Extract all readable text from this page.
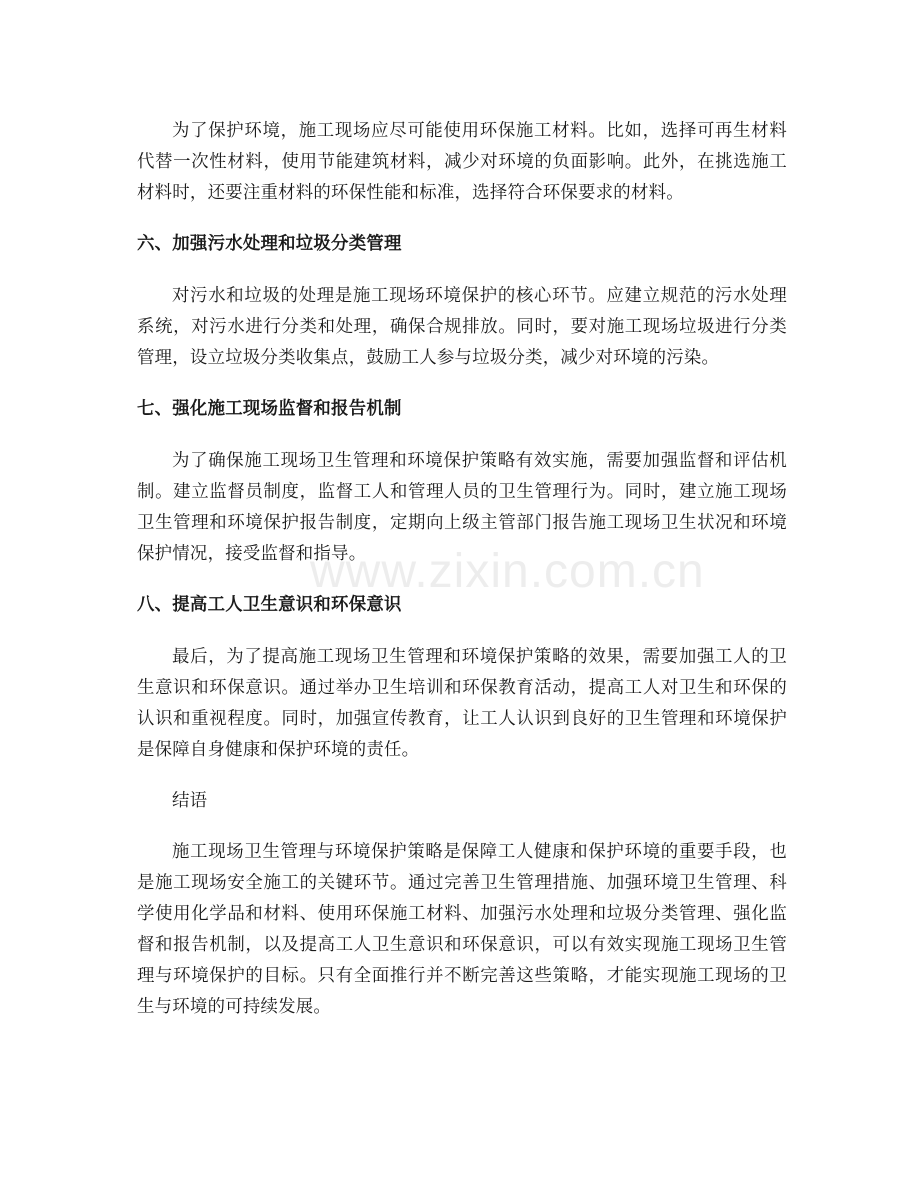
为了保护环境，施工现场应尽可能使用环保施工材料。比如，选择可再生材料代替一次性材料，使用节能建筑材料，减少对环境的负面影响。此外，在挑选施工材料时，还要注重材料的环保性能和标准，选择符合环保要求的材料。

六、加强污水处理和垃圾分类管理

对污水和垃圾的处理是施工现场环境保护的核心环节。应建立规范的污水处理系统，对污水进行分类和处理，确保合规排放。同时，要对施工现场垃圾进行分类管理，设立垃圾分类收集点，鼓励工人参与垃圾分类，减少对环境的污染。

七、强化施工现场监督和报告机制

为了确保施工现场卫生管理和环境保护策略有效实施，需要加强监督和评估机制。建立监督员制度，监督工人和管理人员的卫生管理行为。同时，建立施工现场卫生管理和环境保护报告制度，定期向上级主管部门报告施工现场卫生状况和环境保护情况，接受监督和指导。

八、提高工人卫生意识和环保意识

最后，为了提高施工现场卫生管理和环境保护策略的效果，需要加强工人的卫生意识和环保意识。通过举办卫生培训和环保教育活动，提高工人对卫生和环保的认识和重视程度。同时，加强宣传教育，让工人认识到良好的卫生管理和环境保护是保障自身健康和保护环境的责任。

结语

施工现场卫生管理与环境保护策略是保障工人健康和保护环境的重要手段，也是施工现场安全施工的关键环节。通过完善卫生管理措施、加强环境卫生管理、科学使用化学品和材料、使用环保施工材料、加强污水处理和垃圾分类管理、强化监督和报告机制，以及提高工人卫生意识和环保意识，可以有效实现施工现场卫生管理与环境保护的目标。只有全面推行并不断完善这些策略，才能实现施工现场的卫生与环境的可持续发展。

www.zixin.com.cn
